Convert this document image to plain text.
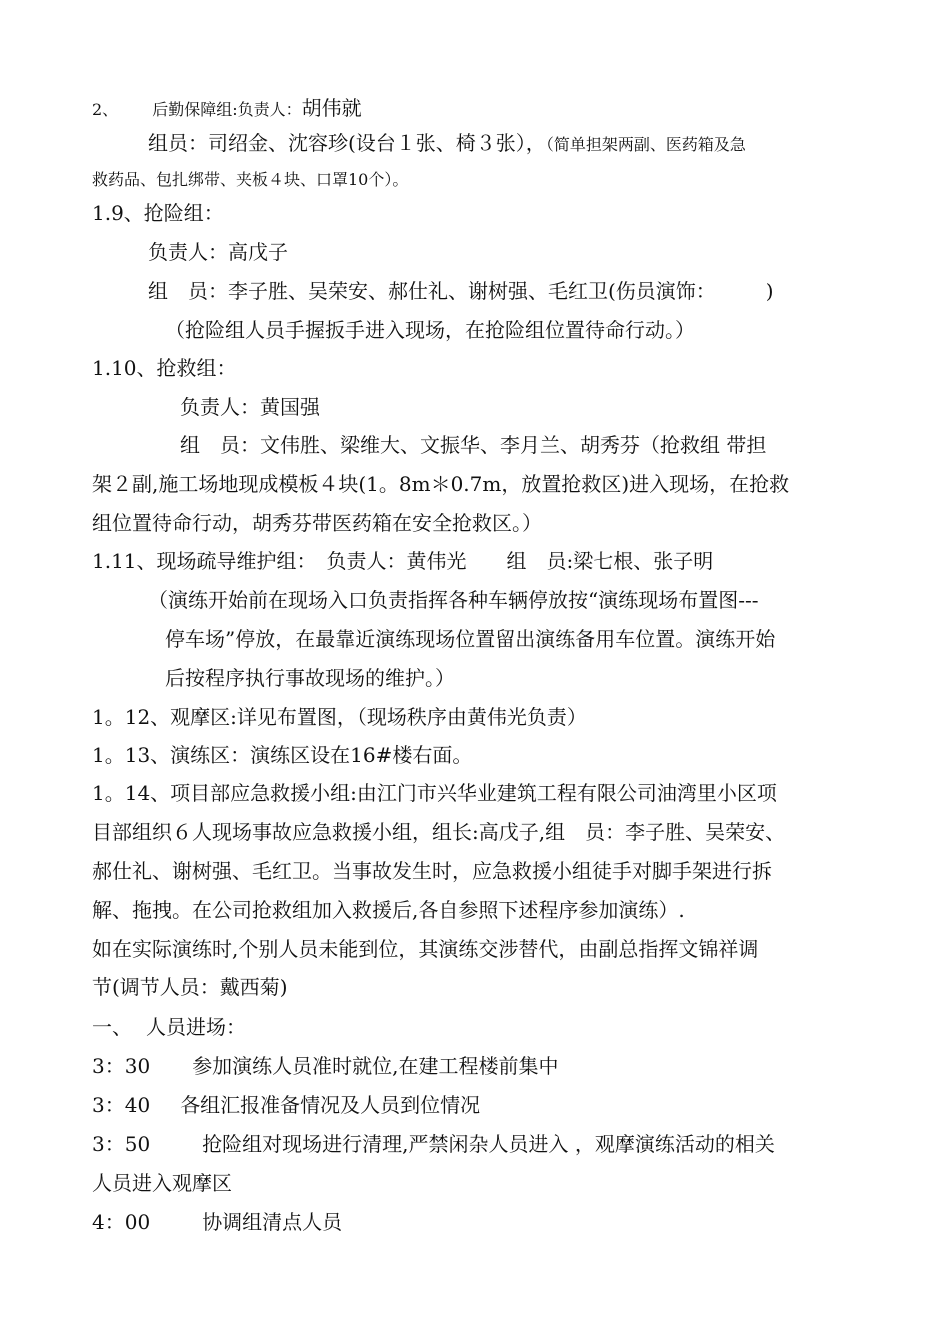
2、 后勤保障组:负责人：胡伟就
组员：司绍金、沈容珍(设台１张、椅３张），（简单担架两副、医药箱及急
救药品、包扎绑带、夹板４块、口罩10个）。
1.9、抢险组：
负责人：高戊子
组　员：李子胜、吴荣安、郝仕礼、谢树强、毛红卫(伤员演饰：　　　)
（抢险组人员手握扳手进入现场，在抢险组位置待命行动。）
1.10、抢救组：
负责人：黄国强
组　员：文伟胜、梁维大、文振华、李月兰、胡秀芬（抢救组 带担
架２副,施工场地现成模板４块(1。8m＊0.7m，放置抢救区)进入现场，在抢救
组位置待命行动，胡秀芬带医药箱在安全抢救区。）
1.11、现场疏导维护组：　负责人：黄伟光　　组　员:梁七根、张子明
（演练开始前在现场入口负责指挥各种车辆停放按“演练现场布置图---
停车场”停放，在最靠近演练现场位置留出演练备用车位置。演练开始
后按程序执行事故现场的维护。）
1。12、观摩区:详见布置图，（现场秩序由黄伟光负责）
1。13、演练区：演练区设在16#楼右面。
1。14、项目部应急救援小组:由江门市兴华业建筑工程有限公司油湾里小区项
目部组织６人现场事故应急救援小组，组长:高戊子,组　员：李子胜、吴荣安、
郝仕礼、谢树强、毛红卫。当事故发生时，应急救援小组徒手对脚手架进行拆
解、拖拽。在公司抢救组加入救援后,各自参照下述程序参加演练）.
如在实际演练时,个别人员未能到位，其演练交涉替代，由副总指挥文锦祥调
节(调节人员：戴西菊)
一、 人员进场：
3：30 参加演练人员准时就位,在建工程楼前集中
3：40 各组汇报准备情况及人员到位情况
3：50	抢险组对现场进行清理,严禁闲杂人员进入 ，观摩演练活动的相关
人员进入观摩区
4：00	协调组清点人员
